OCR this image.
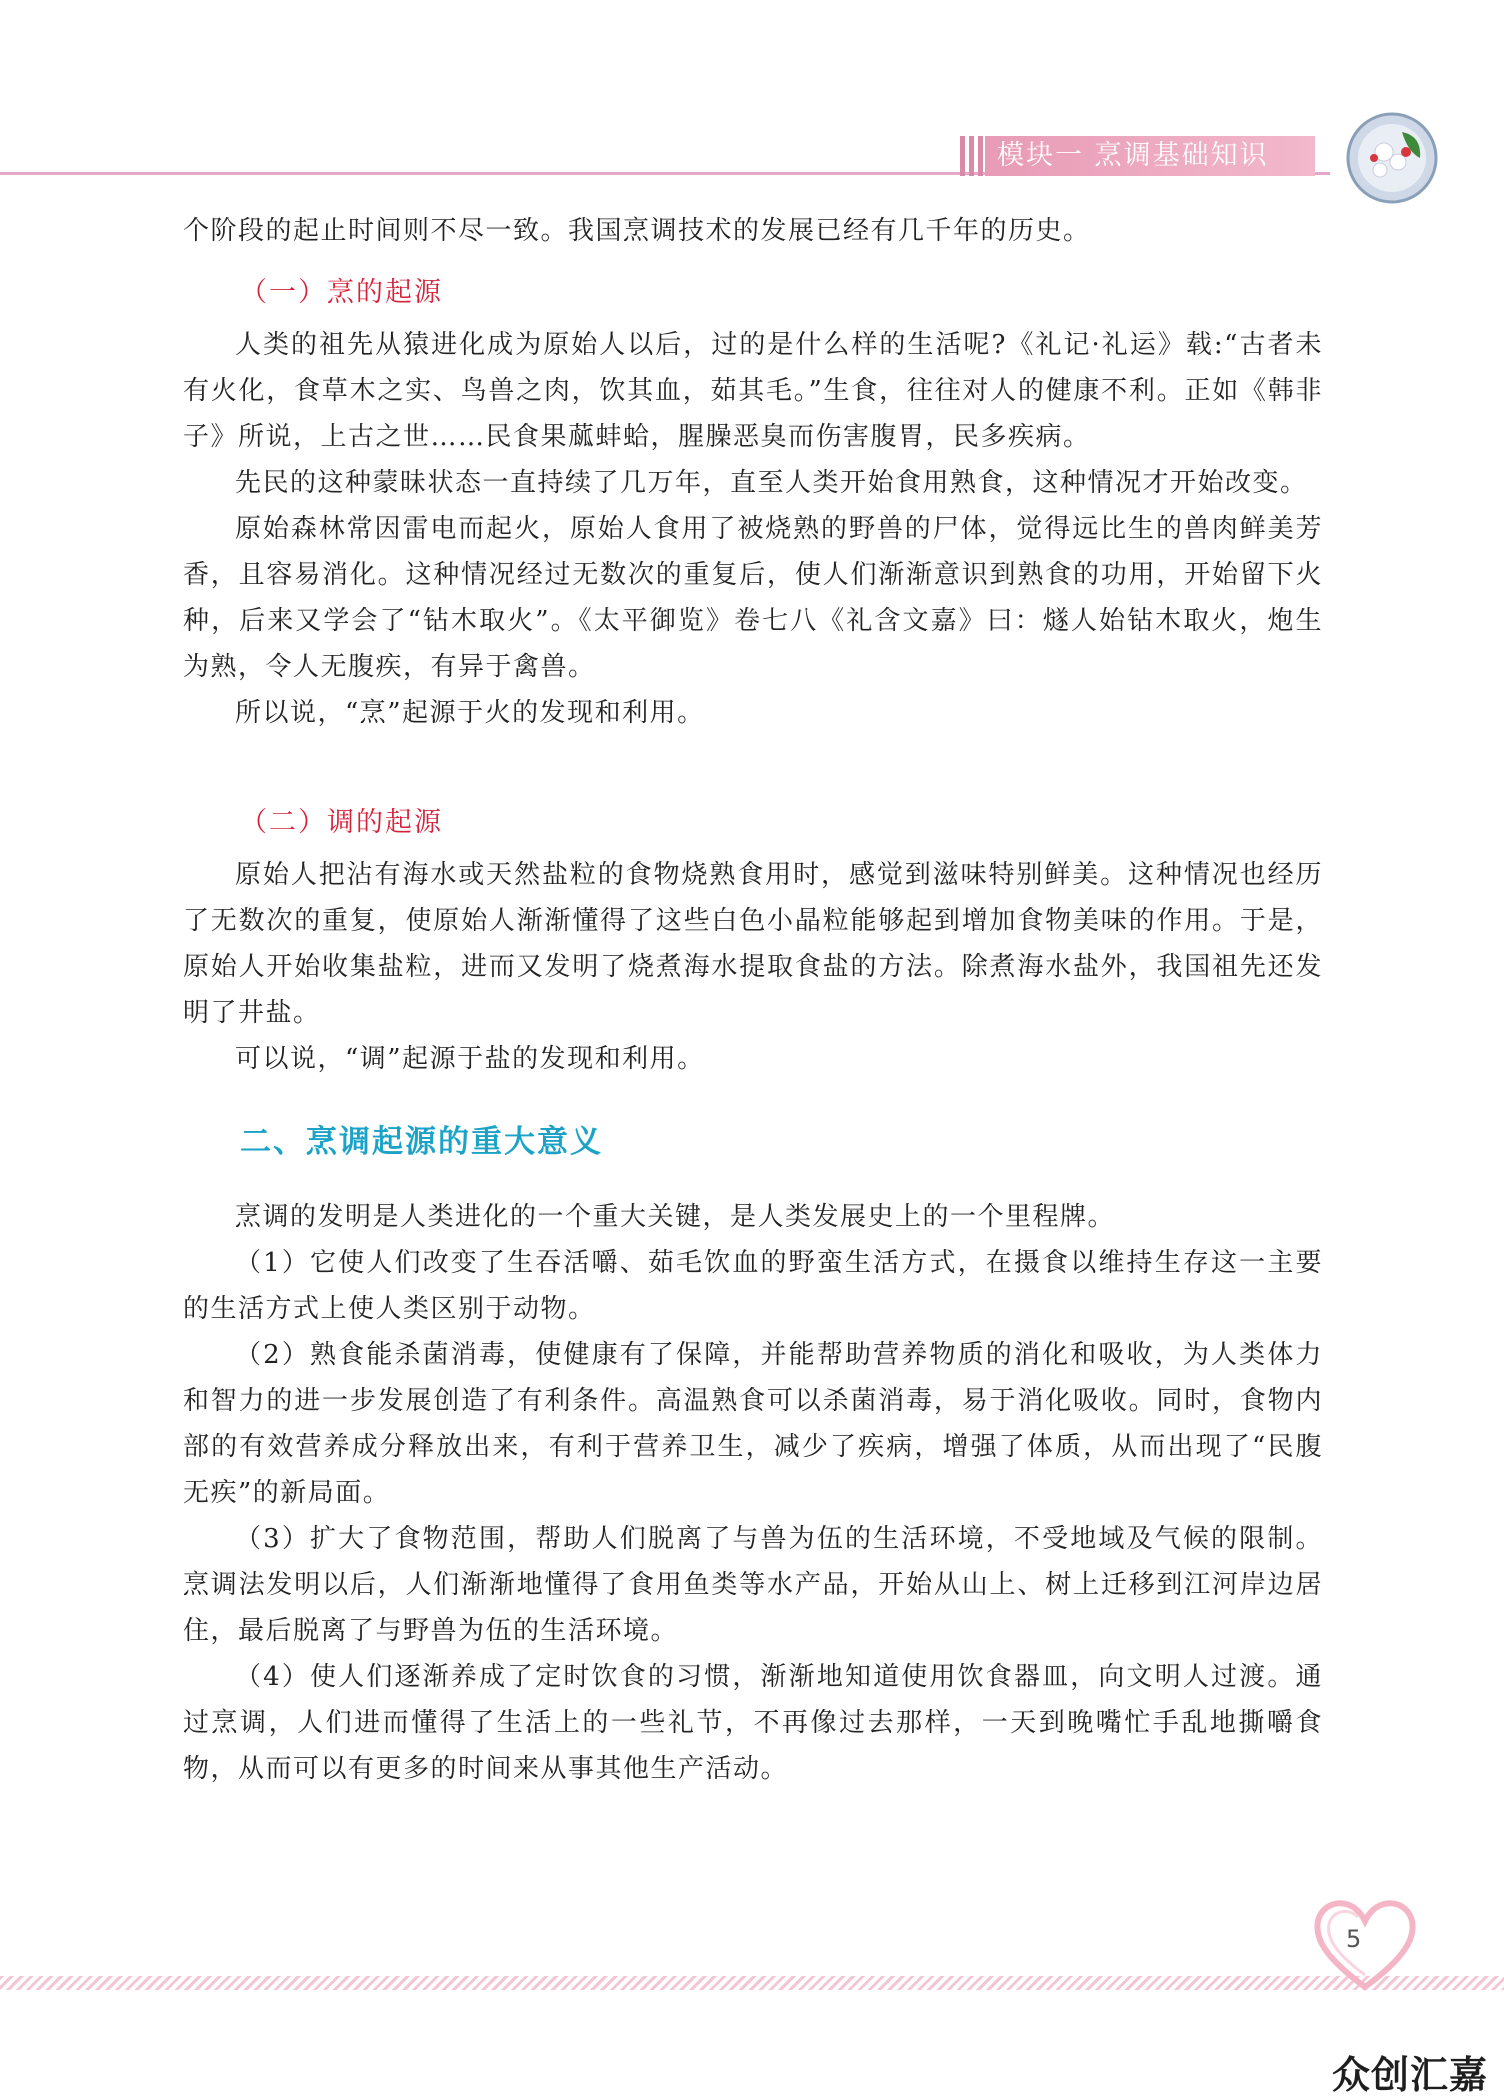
模块一 烹调基础知识

个阶段的起止时间则不尽一致。我国烹调技术的发展已经有几千年的历史。

（一）烹的起源

人类的祖先从猿进化成为原始人以后，过的是什么样的生活呢?《礼记·礼运》载:“古者未有火化，食草木之实、鸟兽之肉，饮其血，茹其毛。”生食，往往对人的健康不利。正如《韩非子》所说，上古之世……民食果蓏蚌蛤，腥臊恶臭而伤害腹胃，民多疾病。

先民的这种蒙昧状态一直持续了几万年，直至人类开始食用熟食，这种情况才开始改变。

原始森林常因雷电而起火，原始人食用了被烧熟的野兽的尸体，觉得远比生的兽肉鲜美芳香，且容易消化。这种情况经过无数次的重复后，使人们渐渐意识到熟食的功用，开始留下火种，后来又学会了“钻木取火”。《太平御览》卷七八《礼含文嘉》曰：燧人始钻木取火，炮生为熟，令人无腹疾，有异于禽兽。

所以说，“烹”起源于火的发现和利用。

（二）调的起源

原始人把沾有海水或天然盐粒的食物烧熟食用时，感觉到滋味特别鲜美。这种情况也经历了无数次的重复，使原始人渐渐懂得了这些白色小晶粒能够起到增加食物美味的作用。于是，原始人开始收集盐粒，进而又发明了烧煮海水提取食盐的方法。除煮海水盐外，我国祖先还发明了井盐。

可以说，“调”起源于盐的发现和利用。

二、烹调起源的重大意义

烹调的发明是人类进化的一个重大关键，是人类发展史上的一个里程牌。

（1）它使人们改变了生吞活嚼、茹毛饮血的野蛮生活方式，在摄食以维持生存这一主要的生活方式上使人类区别于动物。

（2）熟食能杀菌消毒，使健康有了保障，并能帮助营养物质的消化和吸收，为人类体力和智力的进一步发展创造了有利条件。高温熟食可以杀菌消毒，易于消化吸收。同时，食物内部的有效营养成分释放出来，有利于营养卫生，减少了疾病，增强了体质，从而出现了“民腹无疾”的新局面。

（3）扩大了食物范围，帮助人们脱离了与兽为伍的生活环境，不受地域及气候的限制。烹调法发明以后，人们渐渐地懂得了食用鱼类等水产品，开始从山上、树上迁移到江河岸边居住，最后脱离了与野兽为伍的生活环境。

（4）使人们逐渐养成了定时饮食的习惯，渐渐地知道使用饮食器皿，向文明人过渡。通过烹调，人们进而懂得了生活上的一些礼节，不再像过去那样，一天到晚嘴忙手乱地撕嚼食物，从而可以有更多的时间来从事其他生产活动。

5
众创汇嘉
